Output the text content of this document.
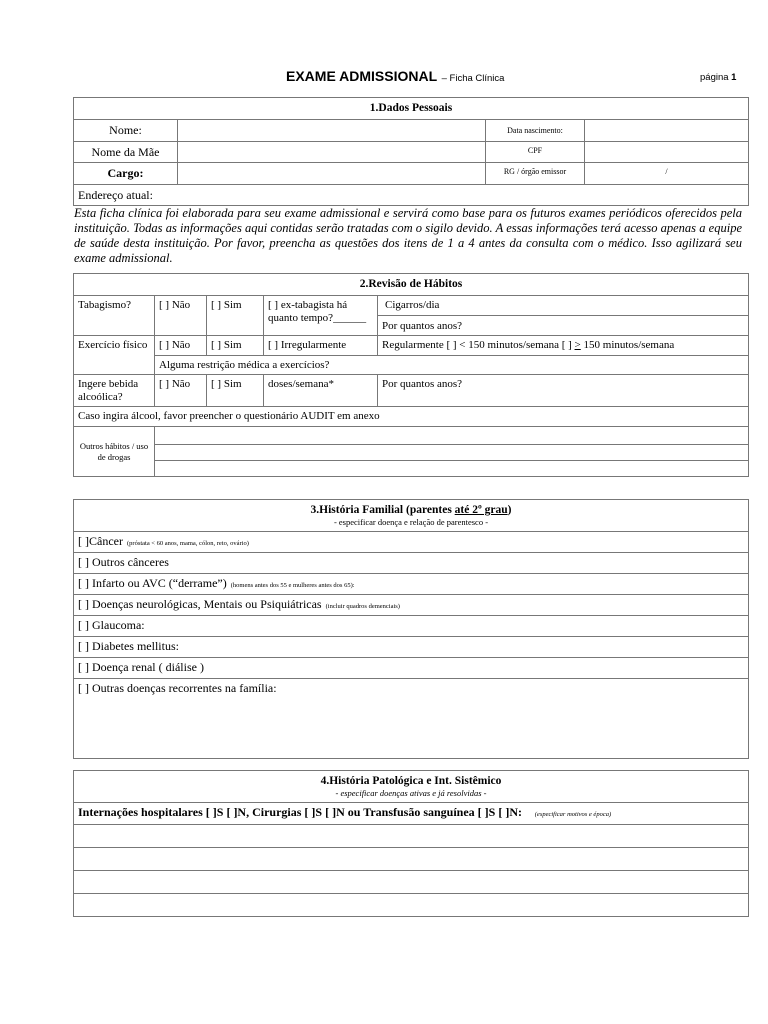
EXAME ADMISSIONAL – Ficha Clínica	página 1
1.Dados Pessoais			
Nome:		Data nascimento:	
Nome da Mãe		CPF	
Cargo:		RG / órgão emissor	/
Endereço atual:			
Esta ficha clínica foi elaborada para seu exame admissional e servirá como base para os futuros exames periódicos oferecidos pela instituição. Todas as informações aqui contidas serão tratadas com o sigilo devido. A essas informações terá acesso apenas a equipe de saúde desta instituição. Por favor, preencha as questões dos itens de 1 a 4 antes da consulta com o médico. Isso agilizará seu exame admissional.
2.Revisão de Hábitos				
Tabagismo?	[ ] Não	[ ] Sim	[ ] ex-tabagista há quanto tempo?______	Cigarros/dia
				Por quantos anos?
Exercício físico	[ ] Não	[ ] Sim	[ ] Irregularmente	Regularmente [ ] < 150 minutos/semana [ ] > 150 minutos/semana
	Alguma restrição médica a exercícios?			
Ingere bebida alcoólica?	[ ] Não	[ ] Sim	doses/semana*	Por quantos anos?
Caso ingira álcool, favor preencher o questionário AUDIT em anexo				
Outros hábitos / uso de drogas				

3.História Familial (parentes até 2º grau)
- especificar doença e relação de parentesco -

[ ]Câncer (próstata < 60 anos, mama, cólon, reto, ovário)
[ ] Outros cânceres
[ ] Infarto ou AVC (“derrame”) (homens antes dos 55 e mulheres antes dos 65):
[ ] Doenças neurológicas, Mentais ou Psiquiátricas (incluir quadros demenciais)
[ ] Glaucoma:
[ ] Diabetes mellitus:
[ ] Doença renal ( diálise )
[ ] Outras doenças recorrentes na família:
4.História Patológica e Int. Sistêmico
- especificar doenças ativas e já resolvidas -

Internações hospitalares [ ]S [ ]N, Cirurgias [ ]S [ ]N ou Transfusão sanguínea [ ]S [ ]N: (especificar motivos e época)
